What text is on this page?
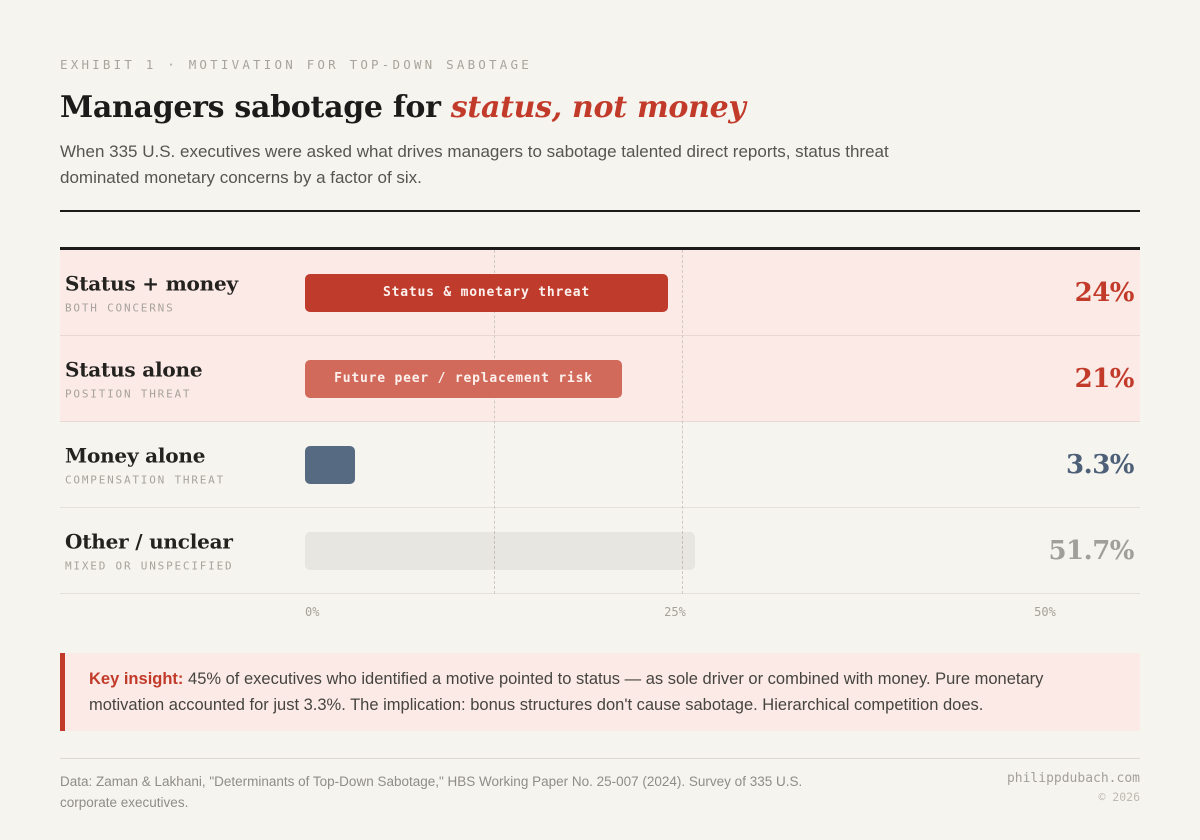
EXHIBIT 1 · MOTIVATION FOR TOP-DOWN SABOTAGE
Managers sabotage for status, not money

When 335 U.S. executives were asked what drives managers to sabotage talented direct reports, status threat dominated monetary concerns by a factor of six.

Status + money
BOTH CONCERNS
Status & monetary threat	24%
Status alone
POSITION THREAT
Future peer / replacement risk	21%
Money alone
COMPENSATION THREAT	3.3%
Other / unclear
MIXED OR UNSPECIFIED	51.7%
0%	25%	50%
Key insight: 45% of executives who identified a motive pointed to status — as sole driver or combined with money. Pure monetary motivation accounted for just 3.3%. The implication: bonus structures don't cause sabotage. Hierarchical competition does.
Data: Zaman & Lakhani, "Determinants of Top-Down Sabotage," HBS Working Paper No. 25-007 (2024). Survey of 335 U.S. corporate executives.
philippdubach.com
© 2026
